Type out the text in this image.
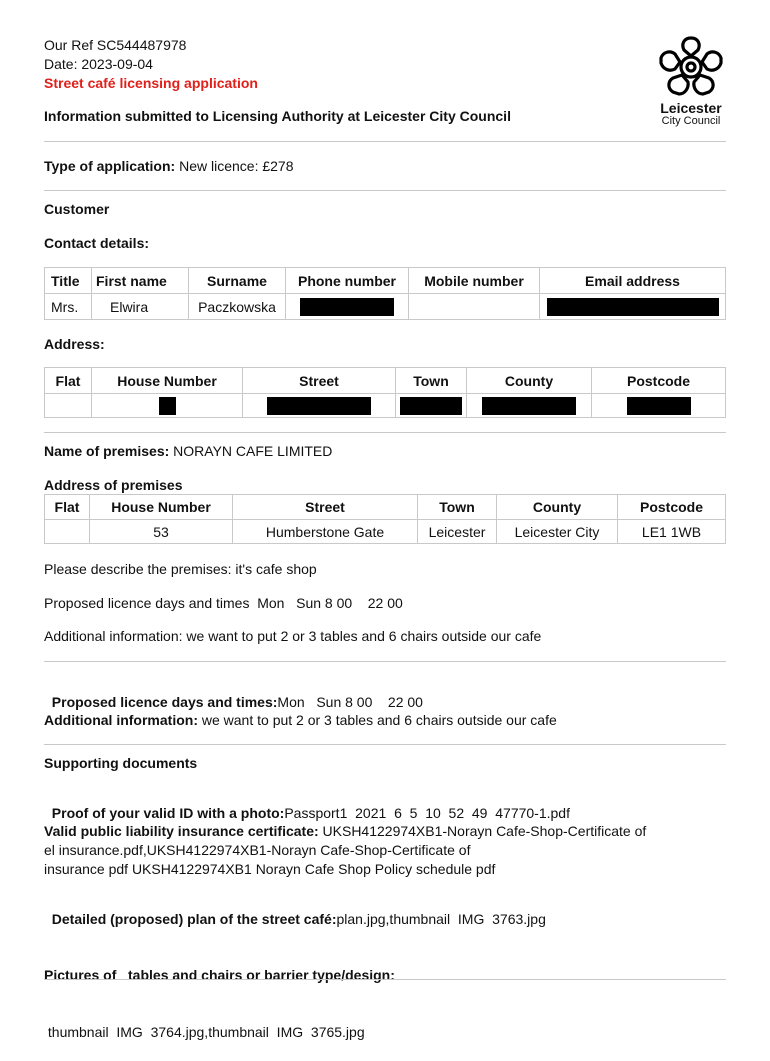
Our Ref SC544487978
Date: 2023-09-04
Street café licensing application
Information submitted to Licensing Authority at Leicester City Council	Leicester
City Council
Type of application: New licence: £278
Customer
Contact details:
Title	First name	Surname	Phone number	Mobile number	Email address
Mrs.	Elwira	Paczkowska			
Address:
Flat	House Number	Street	Town	County	Postcode

Name of premises: NORAYN CAFE LIMITED
Address of premises
Flat	House Number	Street	Town	County	Postcode
	53	Humberstone Gate	Leicester	Leicester City	LE1 1WB
Please describe the premises: it's cafe shop
Proposed licence days and times  Mon   Sun 8 00    22 00
Additional information: we want to put 2 or 3 tables and 6 chairs outside our cafe

Proposed licence days and times:Mon   Sun 8 00    22 00

Additional information: we want to put 2 or 3 tables and 6 chairs outside our cafe
Supporting documents

Proof of your valid ID with a photo:Passport1  2021  6  5  10  52  49  47770-1.pdf

Valid public liability insurance certificate: UKSH4122974XB1-Norayn Cafe-Shop-Certificate of
el insurance.pdf,UKSH4122974XB1-Norayn Cafe-Shop-Certificate of
insurance pdf UKSH4122974XB1 Norayn Cafe Shop Policy schedule pdf

Detailed (proposed) plan of the street café:plan.jpg,thumbnail  IMG  3763.jpg

Pictures of   tables and chairs or barrier type/design:

thumbnail  IMG  3764.jpg,thumbnail  IMG  3765.jpg
